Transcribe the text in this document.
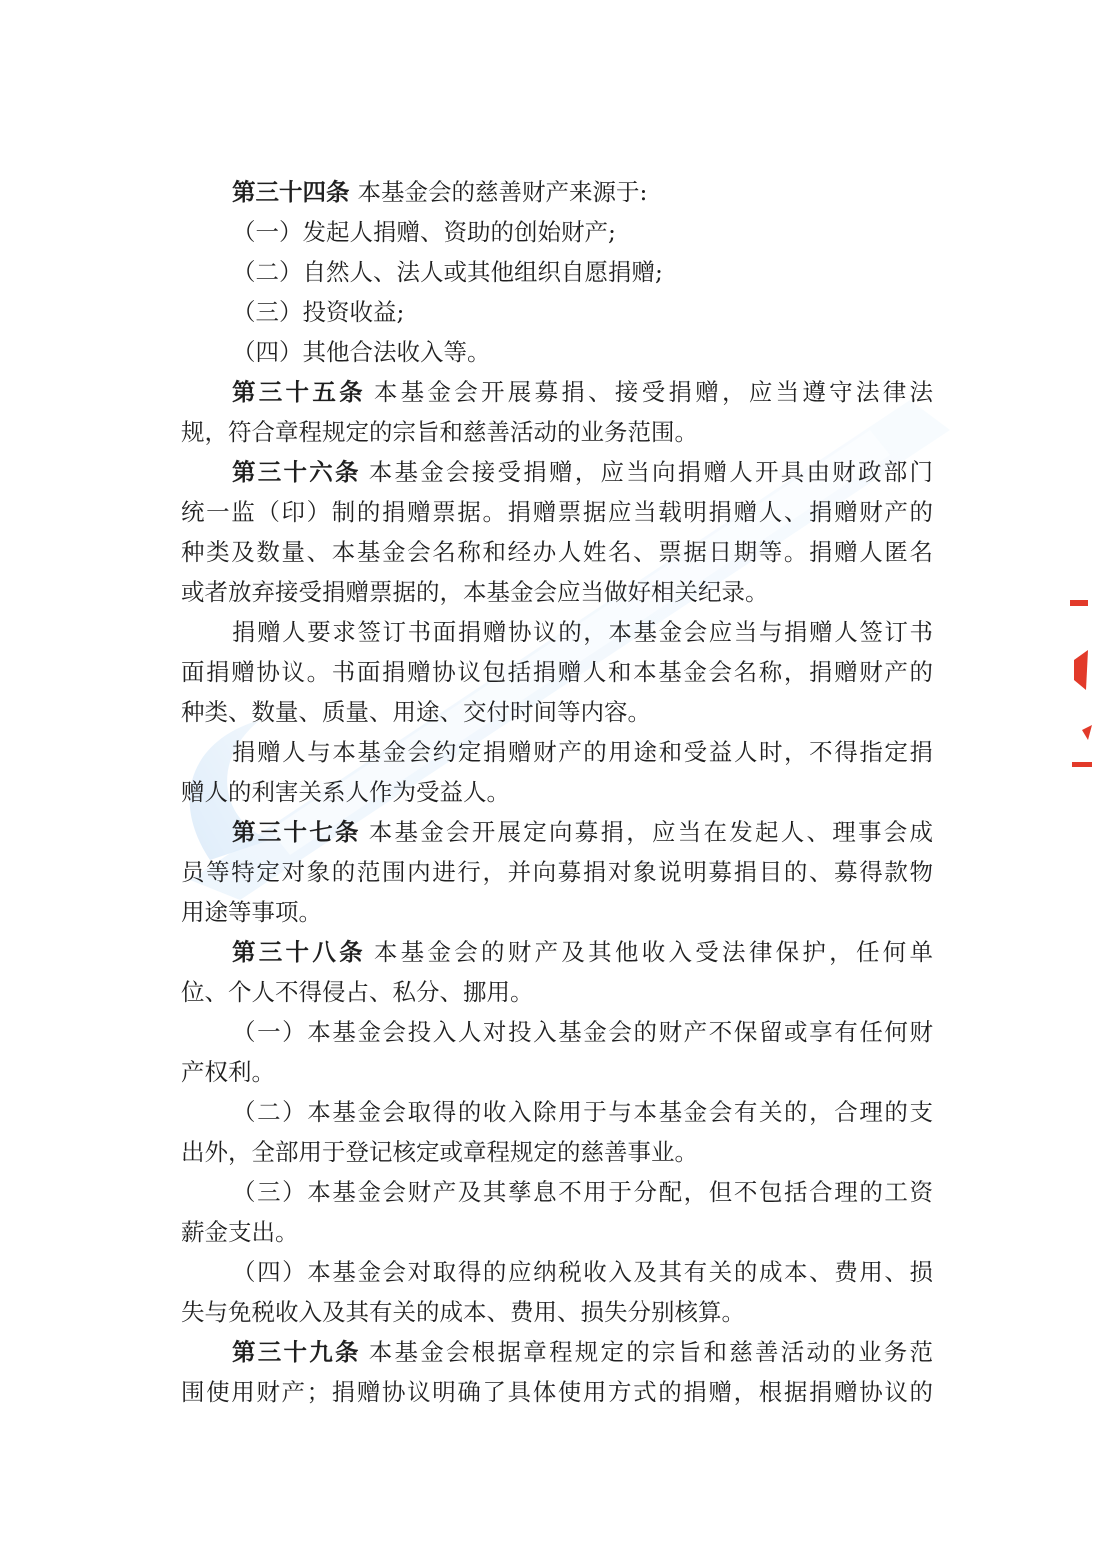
第三十四条 本基金会的慈善财产来源于:
（一）发起人捐赠、资助的创始财产;
（二）自然人、法人或其他组织自愿捐赠;
（三）投资收益;
（四）其他合法收入等。
第三十五条 本基金会开展募捐、接受捐赠，应当遵守法律法
规，符合章程规定的宗旨和慈善活动的业务范围。
第三十六条 本基金会接受捐赠，应当向捐赠人开具由财政部门
统一监（印）制的捐赠票据。捐赠票据应当载明捐赠人、捐赠财产的
种类及数量、本基金会名称和经办人姓名、票据日期等。捐赠人匿名
或者放弃接受捐赠票据的，本基金会应当做好相关纪录。
捐赠人要求签订书面捐赠协议的，本基金会应当与捐赠人签订书
面捐赠协议。书面捐赠协议包括捐赠人和本基金会名称，捐赠财产的
种类、数量、质量、用途、交付时间等内容。
捐赠人与本基金会约定捐赠财产的用途和受益人时，不得指定捐
赠人的利害关系人作为受益人。
第三十七条 本基金会开展定向募捐，应当在发起人、理事会成
员等特定对象的范围内进行，并向募捐对象说明募捐目的、募得款物
用途等事项。
第三十八条 本基金会的财产及其他收入受法律保护，任何单
位、个人不得侵占、私分、挪用。
（一）本基金会投入人对投入基金会的财产不保留或享有任何财
产权利。
（二）本基金会取得的收入除用于与本基金会有关的，合理的支
出外，全部用于登记核定或章程规定的慈善事业。
（三）本基金会财产及其孳息不用于分配，但不包括合理的工资
薪金支出。
（四）本基金会对取得的应纳税收入及其有关的成本、费用、损
失与免税收入及其有关的成本、费用、损失分别核算。
第三十九条 本基金会根据章程规定的宗旨和慈善活动的业务范
围使用财产；捐赠协议明确了具体使用方式的捐赠，根据捐赠协议的
